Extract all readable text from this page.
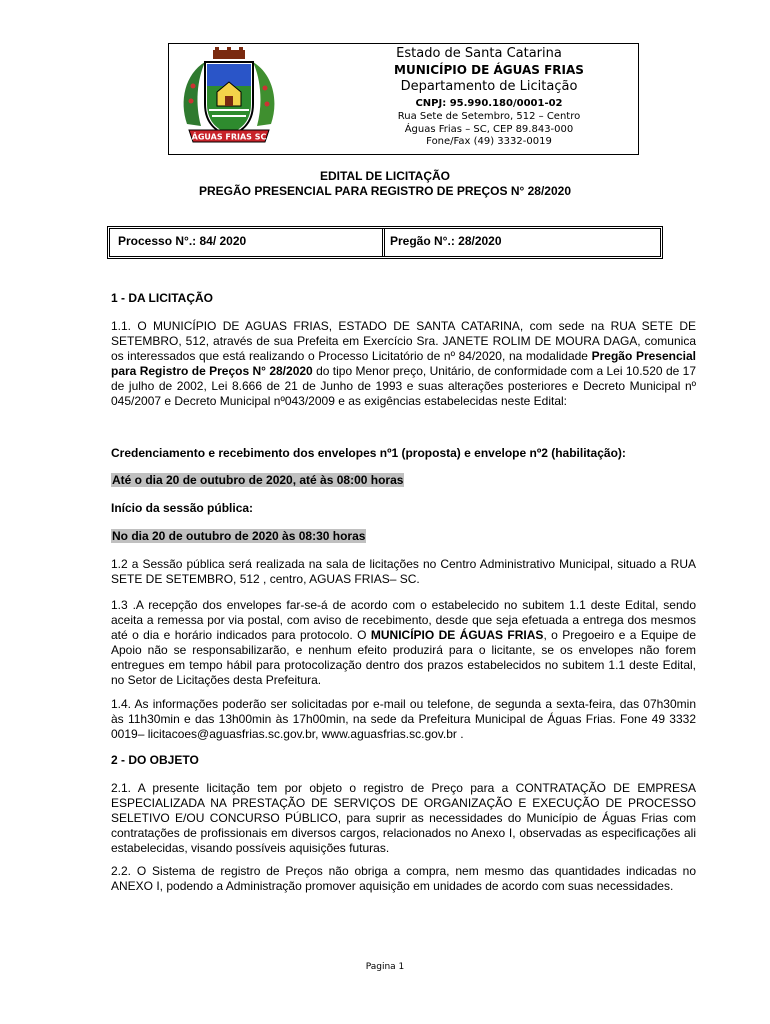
ÁGUAS FRIAS SC
Estado de Santa Catarina
MUNICÍPIO DE ÁGUAS FRIAS
Departamento de Licitação
CNPJ: 95.990.180/0001-02
Rua Sete de Setembro, 512 – Centro
Águas Frias – SC, CEP 89.843-000
Fone/Fax (49) 3332-0019
EDITAL DE LICITAÇÃO
PREGÃO PRESENCIAL PARA REGISTRO DE PREÇOS N° 28/2020
Processo N°.: 84/ 2020	Pregão N°.: 28/2020
1 - DA LICITAÇÃO
1.1. O MUNICÍPIO DE AGUAS FRIAS, ESTADO DE SANTA CATARINA, com sede na RUA SETE DE SETEMBRO, 512, através de sua Prefeita em Exercício Sra. JANETE ROLIM DE MOURA DAGA, comunica os interessados que está realizando o Processo Licitatório de nº 84/2020, na modalidade Pregão Presencial para Registro de Preços N° 28/2020 do tipo Menor preço, Unitário, de conformidade com a Lei 10.520 de 17 de julho de 2002, Lei 8.666 de 21 de Junho de 1993 e suas alterações posteriores e Decreto Municipal nº 045/2007 e Decreto Municipal nº043/2009 e as exigências estabelecidas neste Edital:
Credenciamento e recebimento dos envelopes nº1 (proposta) e envelope nº2 (habilitação):
Até o dia 20 de outubro de 2020, até às 08:00 horas
Início da sessão pública:
No dia 20 de outubro de 2020 às 08:30 horas
1.2 a Sessão pública será realizada na sala de licitações no Centro Administrativo Municipal, situado a RUA SETE DE SETEMBRO, 512 , centro, AGUAS FRIAS– SC.
1.3 .A recepção dos envelopes far-se-á de acordo com o estabelecido no subitem 1.1 deste Edital, sendo aceita a remessa por via postal, com aviso de recebimento, desde que seja efetuada a entrega dos mesmos até o dia e horário indicados para protocolo. O MUNICÍPIO DE ÁGUAS FRIAS, o Pregoeiro e a Equipe de Apoio não se responsabilizarão, e nenhum efeito produzirá para o licitante, se os envelopes não forem entregues em tempo hábil para protocolização dentro dos prazos estabelecidos no subitem 1.1 deste Edital, no Setor de Licitações desta Prefeitura.
1.4. As informações poderão ser solicitadas por e-mail ou telefone, de segunda a sexta-feira, das 07h30min às 11h30min e das 13h00min às 17h00min, na sede da Prefeitura Municipal de Águas Frias. Fone 49 3332 0019– licitacoes@aguasfrias.sc.gov.br, www.aguasfrias.sc.gov.br .
2 - DO OBJETO
2.1. A presente licitação tem por objeto o registro de Preço para a CONTRATAÇÃO DE EMPRESA ESPECIALIZADA NA PRESTAÇÃO DE SERVIÇOS DE ORGANIZAÇÃO E EXECUÇÃO DE PROCESSO SELETIVO E/OU CONCURSO PÚBLICO, para suprir as necessidades do Município de Águas Frias com contratações de profissionais em diversos cargos, relacionados no Anexo I, observadas as especificações ali estabelecidas, visando possíveis aquisições futuras.
2.2. O Sistema de registro de Preços não obriga a compra, nem mesmo das quantidades indicadas no ANEXO I, podendo a Administração promover aquisição em unidades de acordo com suas necessidades.
Pagina 1
